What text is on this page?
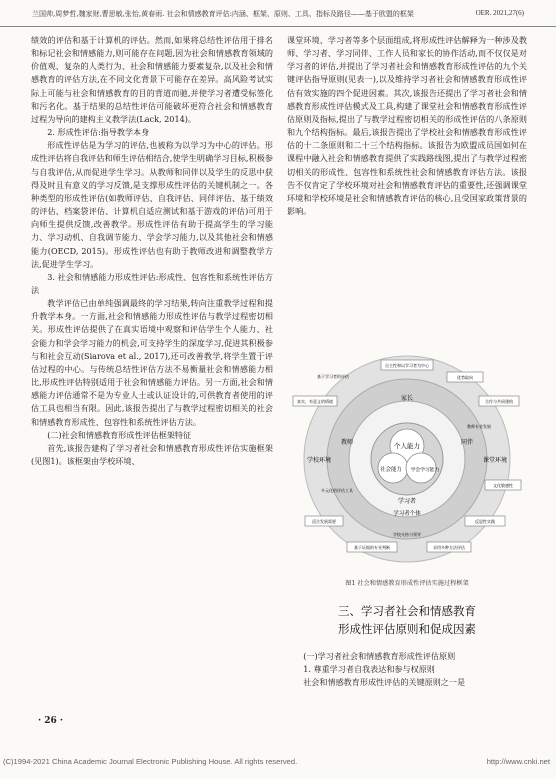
兰国帅,周梦哲,魏家财,曹思敏,张怡,黄春雨. 社会和情感教育评估:内涵、框架、原则、工具、指标及路径——基于欧盟的框架	OER. 2021,27(6)

绩效的评估和基于计算机的评估。然而,如果将总结性评估用于排名和标记社会和情感能力,则可能存在问题,因为社会和情感教育领域的价值观、复杂的人类行为、社会和情感能力要素复杂,以及社会和情感教育的评估方法,在不同文化背景下可能存在差异。高风险考试实际上可能与社会和情感教育的目的背道而驰,并使学习者遭受标签化和污名化。基于结果的总结性评估可能破坏更符合社会和情感教育过程为导向的建构主义教学法(Lack, 2014)。

2. 形成性评估:指导教学本身

形成性评估是为学习的评估,也被称为以学习为中心的评估。形成性评估将自我评估和师生评估相结合,使学生明确学习目标,积极参与自我评估,从而促进学生学习。从教师和同伴以及学生的反思中获得及时且有意义的学习反馈,是支撑形成性评估的关键机制之一。各种类型的形成性评估(如教师评估、自我评估、同伴评估、基于绩效的评估、档案袋评估、计算机自适应测试和基于游戏的评估)可用于向师生提供反馈,改善教学。形成性评估有助于提高学生的学习能力、学习动机、自我调节能力、学会学习能力,以及其他社会和情感能力(OECD, 2015)。形成性评估也有助于教师改进和调整教学方法,促进学生学习。

3. 社会和情感能力形成性评估:形成性、包容性和系统性评估方法

教学评估已由单纯强调最终的学习结果,转向注重教学过程和提升教学本身。一方面,社会和情感能力形成性评估与教学过程密切相关。形成性评估提供了在真实语境中观察和评估学生个人能力、社会能力和学会学习能力的机会,可支持学生的深度学习,促进其积极参与和社会互动(Siarova et al., 2017),还可改善教学,将学生置于评估过程的中心。与传统总结性评估方法不易衡量社会和情感能力相比,形成性评估特别适用于社会和情感能力评估。另一方面,社会和情感能力评估通常不是为专业人士或认证设计的,可供教育者使用的评估工具也相当有限。因此,该报告提出了与教学过程密切相关的社会和情感教育形成性、包容性和系统性评估方法。

(二)社会和情感教育形成性评估框架特征

首先,该报告建构了学习者社会和情感教育形成性评估实施框架(见图1)。该框架由学校环境、

课堂环境、学习者等多个层面组成,将形成性评估解释为一种涉及教师、学习者、学习同伴、工作人员和家长的协作活动,而不仅仅是对学习者的评估,并提出了学习者社会和情感教育形成性评估的九个关键评估指导原则(见表一),以及维持学习者社会和情感教育形成性评估有效实施的四个促进因素。其次,该报告还提出了学习者社会和情感教育形成性评估模式及工具,构建了课堂社会和情感教育形成性评估原则及指标,提出了与教学过程密切相关的形成性评估的八条原则和九个结构指标。最后,该报告提出了学校社会和情感教育形成性评估的十二条原则和二十三个结构指标。该报告为欧盟成员国如何在课程中融入社会和情感教育提供了实践路线图,提出了与教学过程密切相关的形成性、包容性和系统性社会和情感教育评估方法。该报告不仅肯定了学校环境对社会和情感教育评估的重要性,还强调课堂环境和学校环境是社会和情感教育评估的核心,且受国家政策背景的影响。

个人能力
社会能力 学会学习能力
学习者
学习者个体
教师	同伴
家长
学校环境	课堂环境
自主性和以学习者为中心
优势取向
合作与共同建构
文化敏感性
反思性实践
采用多种方法评估
基于证据的专业判断
适合发展需要
真实、有意义的情境
基于学习者的评估
多元化的评估工具
教师专业发展
学校支持与领导
图1 社会和情感教育形成性评估实施过程框架
三、学习者社会和情感教育
形成性评估原则和促成因素

(一)学习者社会和情感教育形成性评估原则

1. 尊重学习者自我表达和参与权原则

社会和情感教育形成性评估的关键原则之一是

· 26 ·
(C)1994-2021 China Academic Journal Electronic Publishing House. All rights reserved.	http://www.cnki.net
